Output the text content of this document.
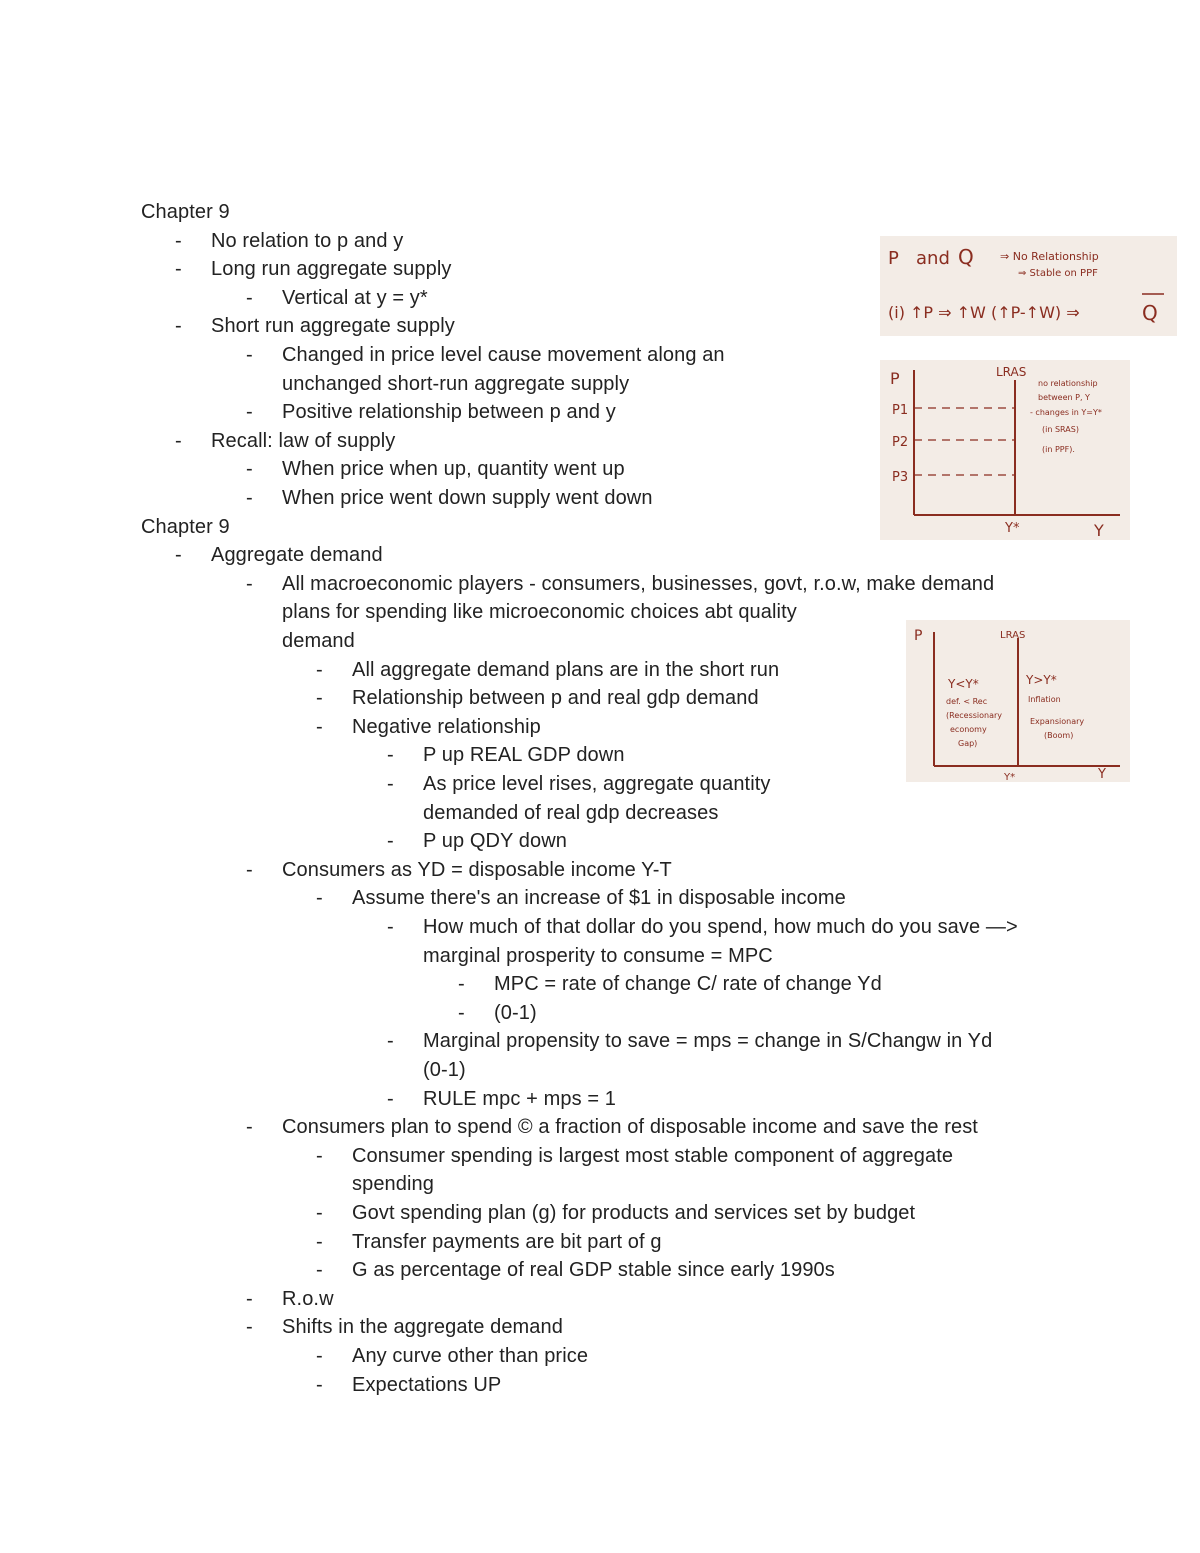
Chapter 9
- No relation to p and y
- Long run aggregate supply
- Vertical at y = y*
- Short run aggregate supply
- Changed in price level cause movement along an
unchanged short-run aggregate supply
- Positive relationship between p and y
- Recall: law of supply
- When price when up, quantity went up
- When price went down supply went down
Chapter 9
- Aggregate demand
- All macroeconomic players - consumers, businesses, govt, r.o.w, make demand
plans for spending like microeconomic choices abt quality
demand
- All aggregate demand plans are in the short run
- Relationship between p and real gdp demand
- Negative relationship
- P up REAL GDP down
- As price level rises, aggregate quantity
demanded of real gdp decreases
- P up QDY down
- Consumers as YD = disposable income Y-T
- Assume there's an increase of $1 in disposable income
- How much of that dollar do you spend, how much do you save —>
marginal prosperity to consume = MPC
- MPC = rate of change C/ rate of change Yd
- (0-1)
- Marginal propensity to save = mps = change in S/Changw in Yd
(0-1)
- RULE mpc + mps = 1
- Consumers plan to spend © a fraction of disposable income and save the rest
- Consumer spending is largest most stable component of aggregate
spending
- Govt spending plan (g) for products and services set by budget
- Transfer payments are bit part of g
- G as percentage of real GDP stable since early 1990s
- R.o.w
- Shifts in the aggregate demand
- Any curve other than price
- Expectations UP
P and Q ⇒ No Relationship
⇒ Stable on PPF
(i) ↑P ⇒ ↑W (↑P-↑W) ⇒	Q
LRAS
P
P1
P2
P3
Y*	Y
no relationship
between P, Y
- changes in Y=Y*
(in SRAS)
(in PPF).
P	LRAS
Y<Y*
def. < Rec
(Recessionary
economy
Gap)
Y>Y*
Inflation
Expansionary
(Boom)
Y*	Y
